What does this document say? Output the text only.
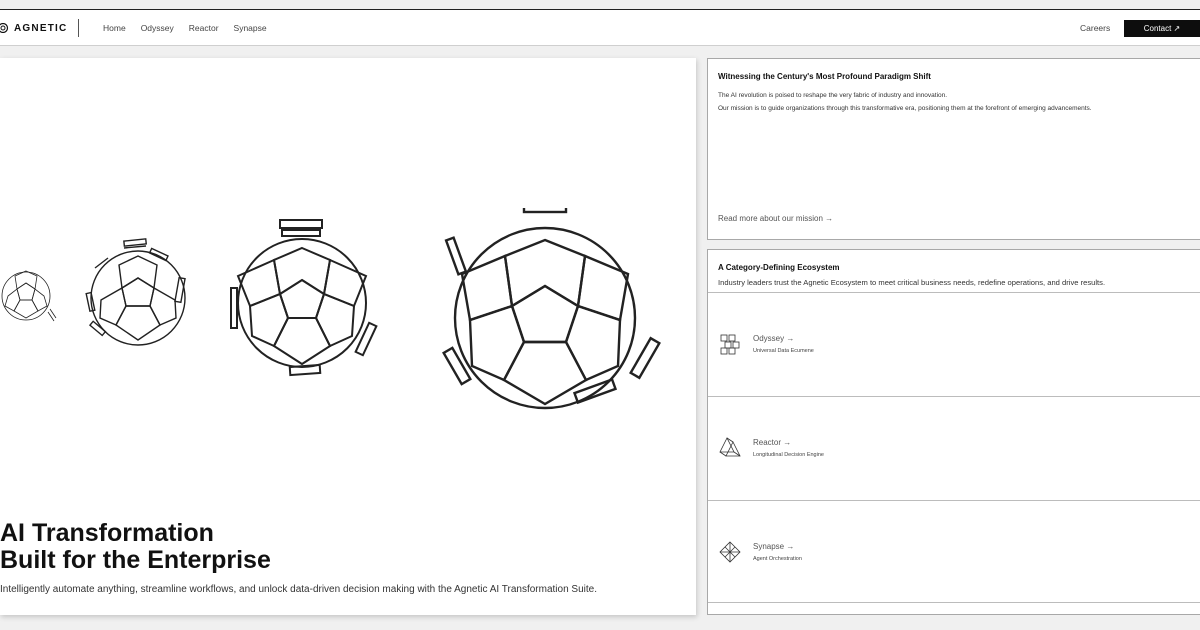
AGNETIC	Home Odyssey Reactor Synapse	Careers	Contact ↗
AI Transformation
Built for the Enterprise

Intelligently automate anything, streamline workflows, and unlock data-driven decision making with the Agnetic AI Transformation Suite.

Witnessing the Century's Most Profound Paradigm Shift

The AI revolution is poised to reshape the very fabric of industry and innovation.

Our mission is to guide organizations through this transformative era, positioning them at the forefront of emerging advancements.

Read more about our mission →
A Category-Defining Ecosystem

Industry leaders trust the Agnetic Ecosystem to meet critical business needs, redefine operations, and drive results.

Odyssey →
Universal Data Ecumene
Reactor →
Longitudinal Decision Engine
Synapse →
Agent Orchestration
